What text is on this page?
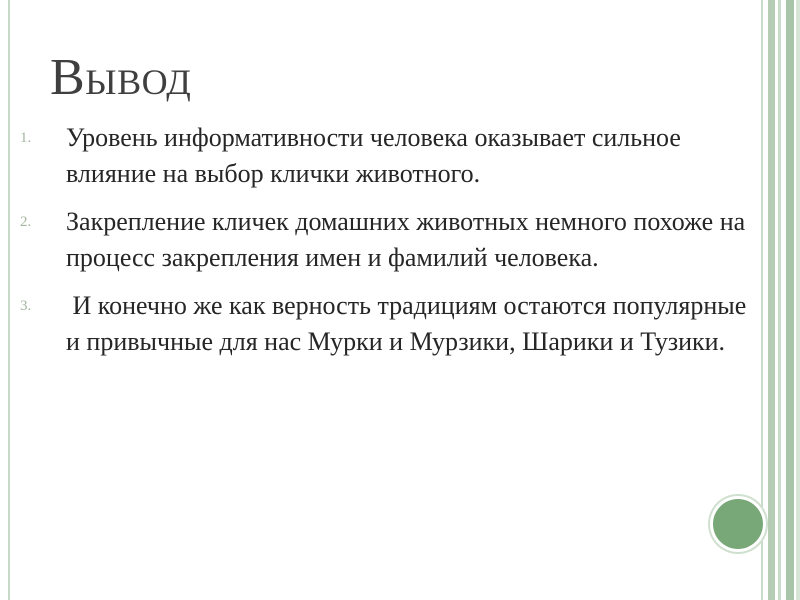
Вывод
1.	Уровень информативности человека оказывает сильное влияние на выбор клички животного.
2.	Закрепление кличек домашних животных немного похоже на процесс закрепления имен и фамилий человека.
3.	И конечно же как верность традициям остаются популярные и привычные для нас Мурки и Мурзики, Шарики и Тузики.
